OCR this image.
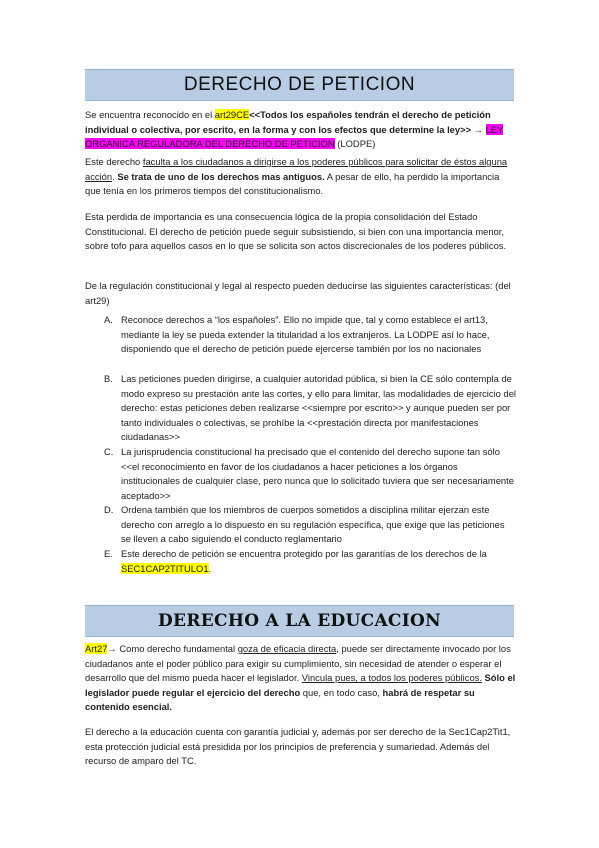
DERECHO DE PETICION

Se encuentra reconocido en el art29CE<<Todos los españoles tendrán el derecho de petición individual o colectiva, por escrito, en la forma y con los efectos que determine la ley>> → LEY ORGANICA REGULADORA DEL DERECHO DE PETICION (LODPE)

Este derecho faculta a los ciudadanos a dirigirse a los poderes públicos para solicitar de éstos alguna acción. Se trata de uno de los derechos mas antiguos. A pesar de ello, ha perdido la importancia que tenía en los primeros tiempos del constitucionalismo.

Esta perdida de importancia es una consecuencia lógica de la propia consolidación del Estado Constitucional. El derecho de petición puede seguir subsistiendo, si bien con una importancia menor, sobre tofo para aquellos casos en lo que se solicita son actos discrecionales de los poderes públicos.

De la regulación constitucional y legal al respecto pueden deducirse las siguientes características: (del art29)

A. Reconoce derechos a “los españoles”. Ello no impide que, tal y como establece el art13, mediante la ley se pueda extender la titularidad a los extranjeros. La LODPE así lo hace, disponiendo que el derecho de petición puede ejercerse también por los no nacionales

B. Las peticiones pueden dirigirse, a cualquier autoridad pública, si bien la CE sólo contempla de modo expreso su prestación ante las cortes, y ello para limitar, las modalidades de ejercicio del derecho: estas peticiones deben realizarse <<siempre por escrito>> y aunque pueden ser por tanto individuales o colectivas, se prohíbe la <<prestación directa por manifestaciones ciudadanas>>

C. La jurisprudencia constitucional ha precisado que el contenido del derecho supone tan sólo <<el reconocimiento en favor de los ciudadanos a hacer peticiones a los órganos institucionales de cualquier clase, pero nunca que lo solicitado tuviera que ser necesariamente aceptado>>

D. Ordena también que los miembros de cuerpos sometidos a disciplina militar ejerzan este derecho con arreglo a lo dispuesto en su regulación específica, que exige que las peticiones se lleven a cabo siguiendo el conducto reglamentario

E. Este derecho de petición se encuentra protegido por las garantías de los derechos de la
SEC1CAP2TITULO1.

DERECHO A LA EDUCACION

Art27→ Como derecho fundamental goza de eficacia directa, puede ser directamente invocado por los ciudadanos ante el poder público para exigir su cumplimiento, sin necesidad de atender o esperar el desarrollo que del mismo pueda hacer el legislador. Vincula pues, a todos los poderes públicos. Sólo el legislador puede regular el ejercicio del derecho que, en todo caso, habrá de respetar su contenido esencial.

El derecho a la educación cuenta con garantía judicial y, además por ser derecho de la Sec1Cap2Tit1, esta protección judicial está presidida por los principios de preferencia y sumariedad. Además del recurso de amparo del TC.
